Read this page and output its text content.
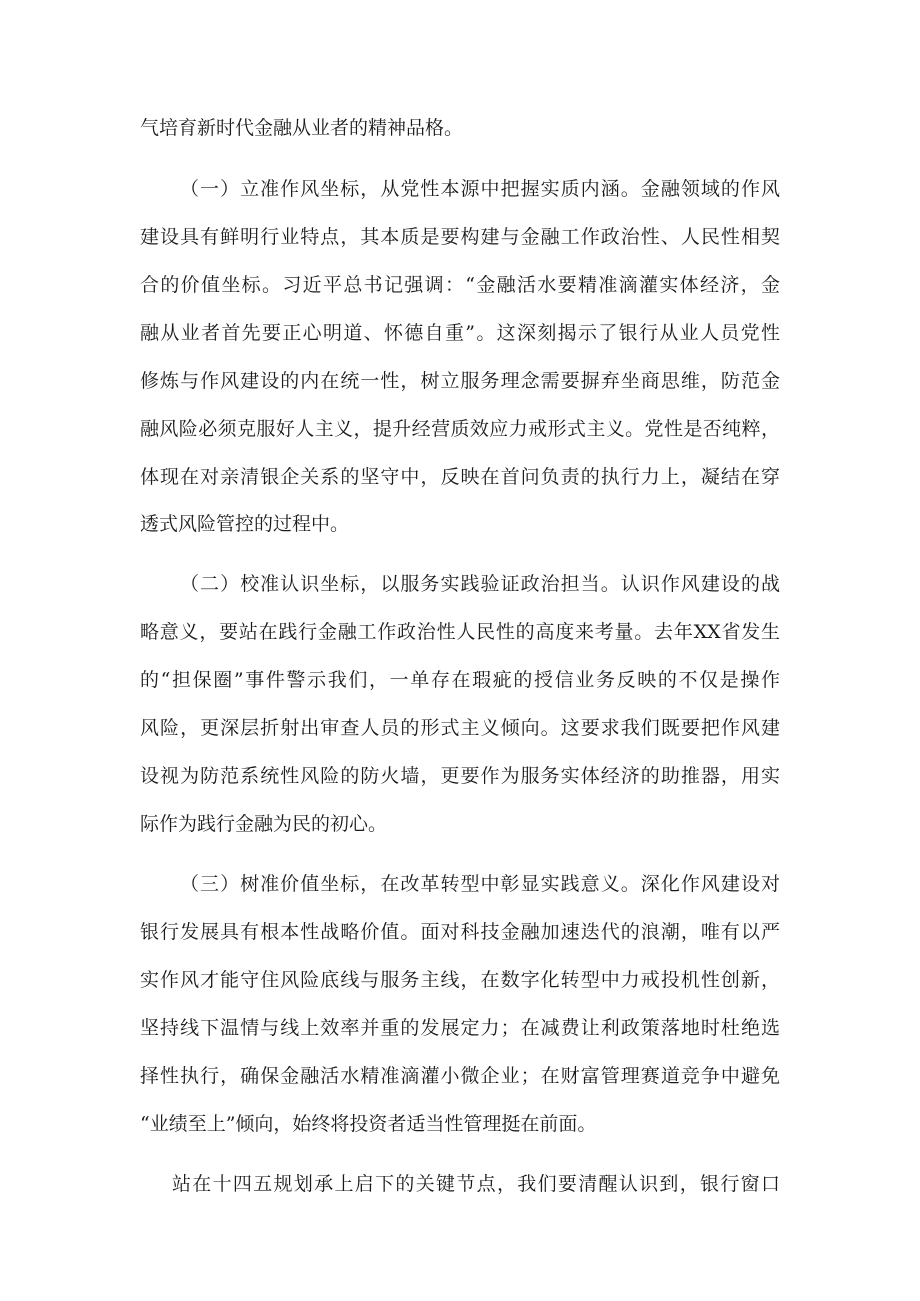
气培育新时代金融从业者的精神品格。

（一）立准作风坐标，从党性本源中把握实质内涵。金融领域的作风

建设具有鲜明行业特点，其本质是要构建与金融工作政治性、人民性相契

合的价值坐标。习近平总书记强调：“金融活水要精准滴灌实体经济，金

融从业者首先要正心明道、怀德自重”。这深刻揭示了银行从业人员党性

修炼与作风建设的内在统一性，树立服务理念需要摒弃坐商思维，防范金

融风险必须克服好人主义，提升经营质效应力戒形式主义。党性是否纯粹，

体现在对亲清银企关系的坚守中，反映在首问负责的执行力上，凝结在穿

透式风险管控的过程中。

（二）校准认识坐标，以服务实践验证政治担当。认识作风建设的战

略意义，要站在践行金融工作政治性人民性的高度来考量。去年XX省发生

的“担保圈”事件警示我们，一单存在瑕疵的授信业务反映的不仅是操作

风险，更深层折射出审查人员的形式主义倾向。这要求我们既要把作风建

设视为防范系统性风险的防火墙，更要作为服务实体经济的助推器，用实

际作为践行金融为民的初心。

（三）树准价值坐标，在改革转型中彰显实践意义。深化作风建设对

银行发展具有根本性战略价值。面对科技金融加速迭代的浪潮，唯有以严

实作风才能守住风险底线与服务主线，在数字化转型中力戒投机性创新，

坚持线下温情与线上效率并重的发展定力；在减费让利政策落地时杜绝选

择性执行，确保金融活水精准滴灌小微企业；在财富管理赛道竞争中避免

“业绩至上”倾向，始终将投资者适当性管理挺在前面。

站在十四五规划承上启下的关键节点，我们要清醒认识到，银行窗口
